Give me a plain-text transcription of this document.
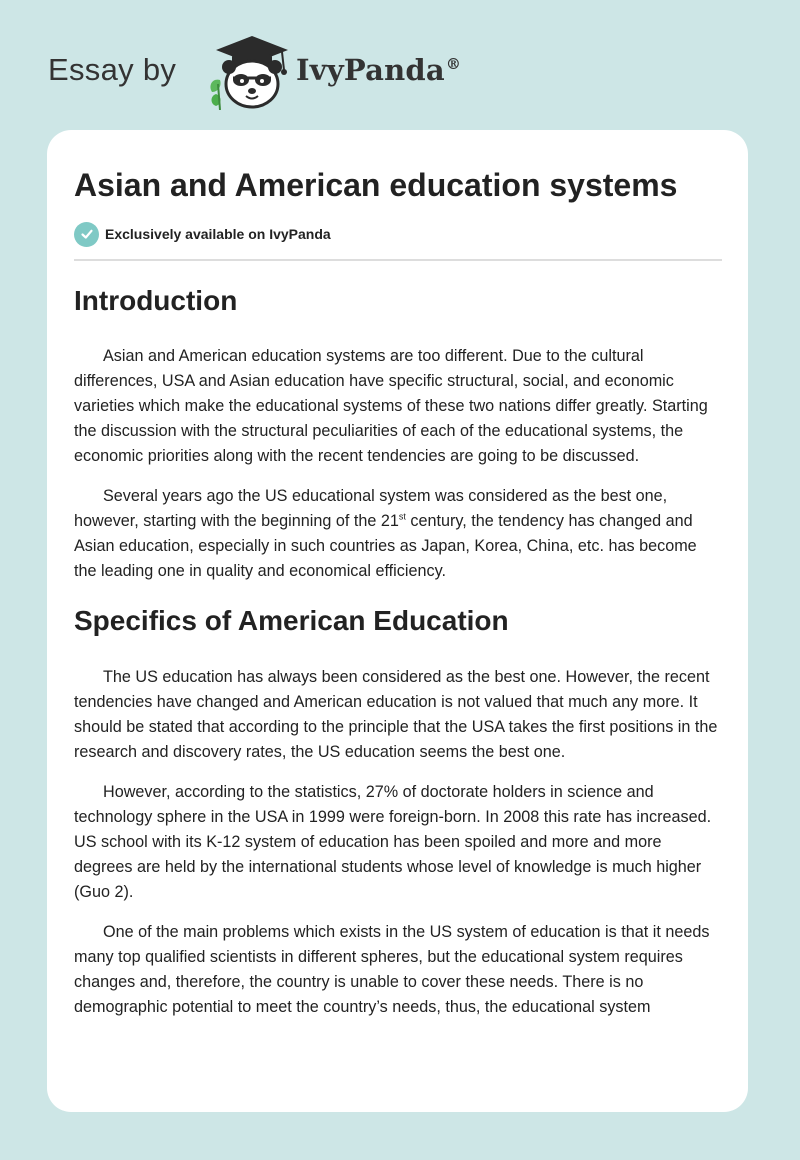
Essay by	IvyPanda®
Asian and American education systems
Exclusively available on IvyPanda
Introduction

Asian and American education systems are too different. Due to the cultural differences, USA and Asian education have specific structural, social, and economic varieties which make the educational systems of these two nations differ greatly. Starting the discussion with the structural peculiarities of each of the educational systems, the economic priorities along with the recent tendencies are going to be discussed.

Several years ago the US educational system was considered as the best one, however, starting with the beginning of the 21st century, the tendency has changed and Asian education, especially in such countries as Japan, Korea, China, etc. has become the leading one in quality and economical efficiency.

Specifics of American Education

The US education has always been considered as the best one. However, the recent tendencies have changed and American education is not valued that much any more. It should be stated that according to the principle that the USA takes the first positions in the research and discovery rates, the US education seems the best one.

However, according to the statistics, 27% of doctorate holders in science and technology sphere in the USA in 1999 were foreign-born. In 2008 this rate has increased. US school with its K-12 system of education has been spoiled and more and more degrees are held by the international students whose level of knowledge is much higher (Guo 2).

One of the main problems which exists in the US system of education is that it needs many top qualified scientists in different spheres, but the educational system requires changes and, therefore, the country is unable to cover these needs. There is no demographic potential to meet the country’s needs, thus, the educational system
